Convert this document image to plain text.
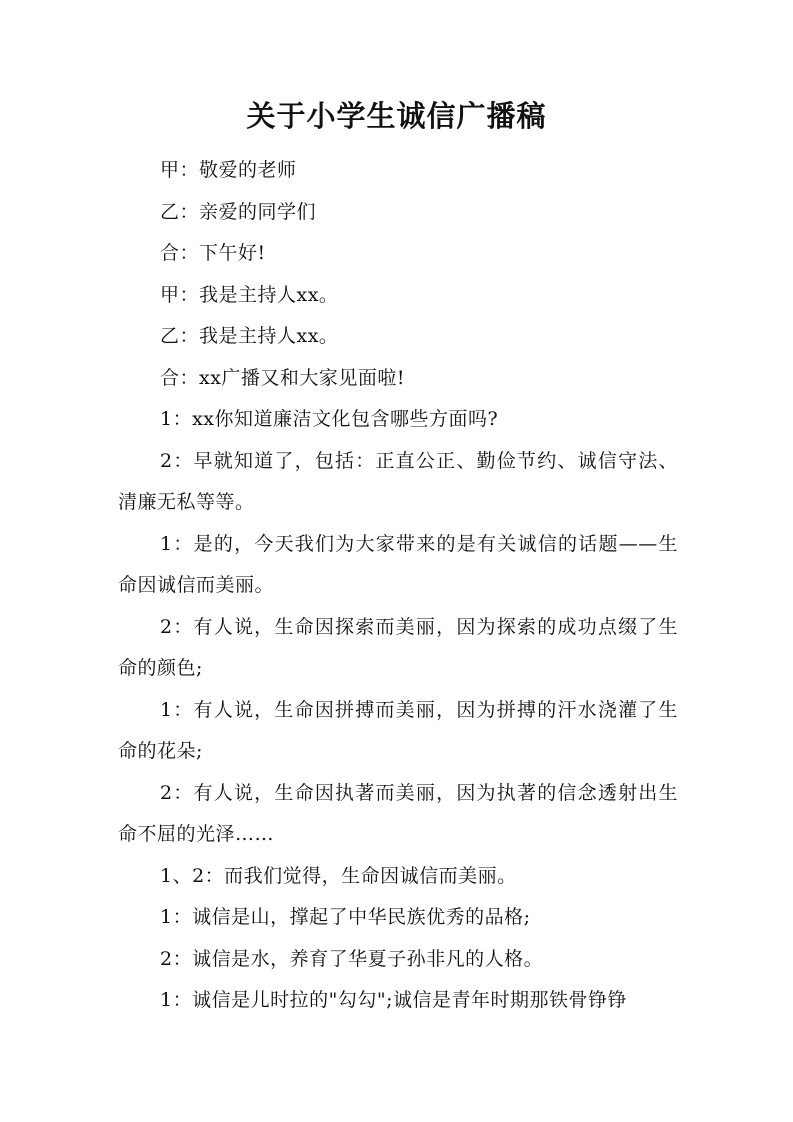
关于小学生诚信广播稿

甲：敬爱的老师

乙：亲爱的同学们

合：下午好!

甲：我是主持人xx。

乙：我是主持人xx。

合：xx广播又和大家见面啦!

1：xx你知道廉洁文化包含哪些方面吗?

2：早就知道了，包括：正直公正、勤俭节约、诚信守法、清廉无私等等。

1：是的，今天我们为大家带来的是有关诚信的话题——生命因诚信而美丽。

2：有人说，生命因探索而美丽，因为探索的成功点缀了生命的颜色;

1：有人说，生命因拼搏而美丽，因为拼搏的汗水浇灌了生命的花朵;

2：有人说，生命因执著而美丽，因为执著的信念透射出生命不屈的光泽……

1、2：而我们觉得，生命因诚信而美丽。

1：诚信是山，撑起了中华民族优秀的品格;

2：诚信是水，养育了华夏子孙非凡的人格。

1：诚信是儿时拉的"勾勾";诚信是青年时期那铁骨铮铮
